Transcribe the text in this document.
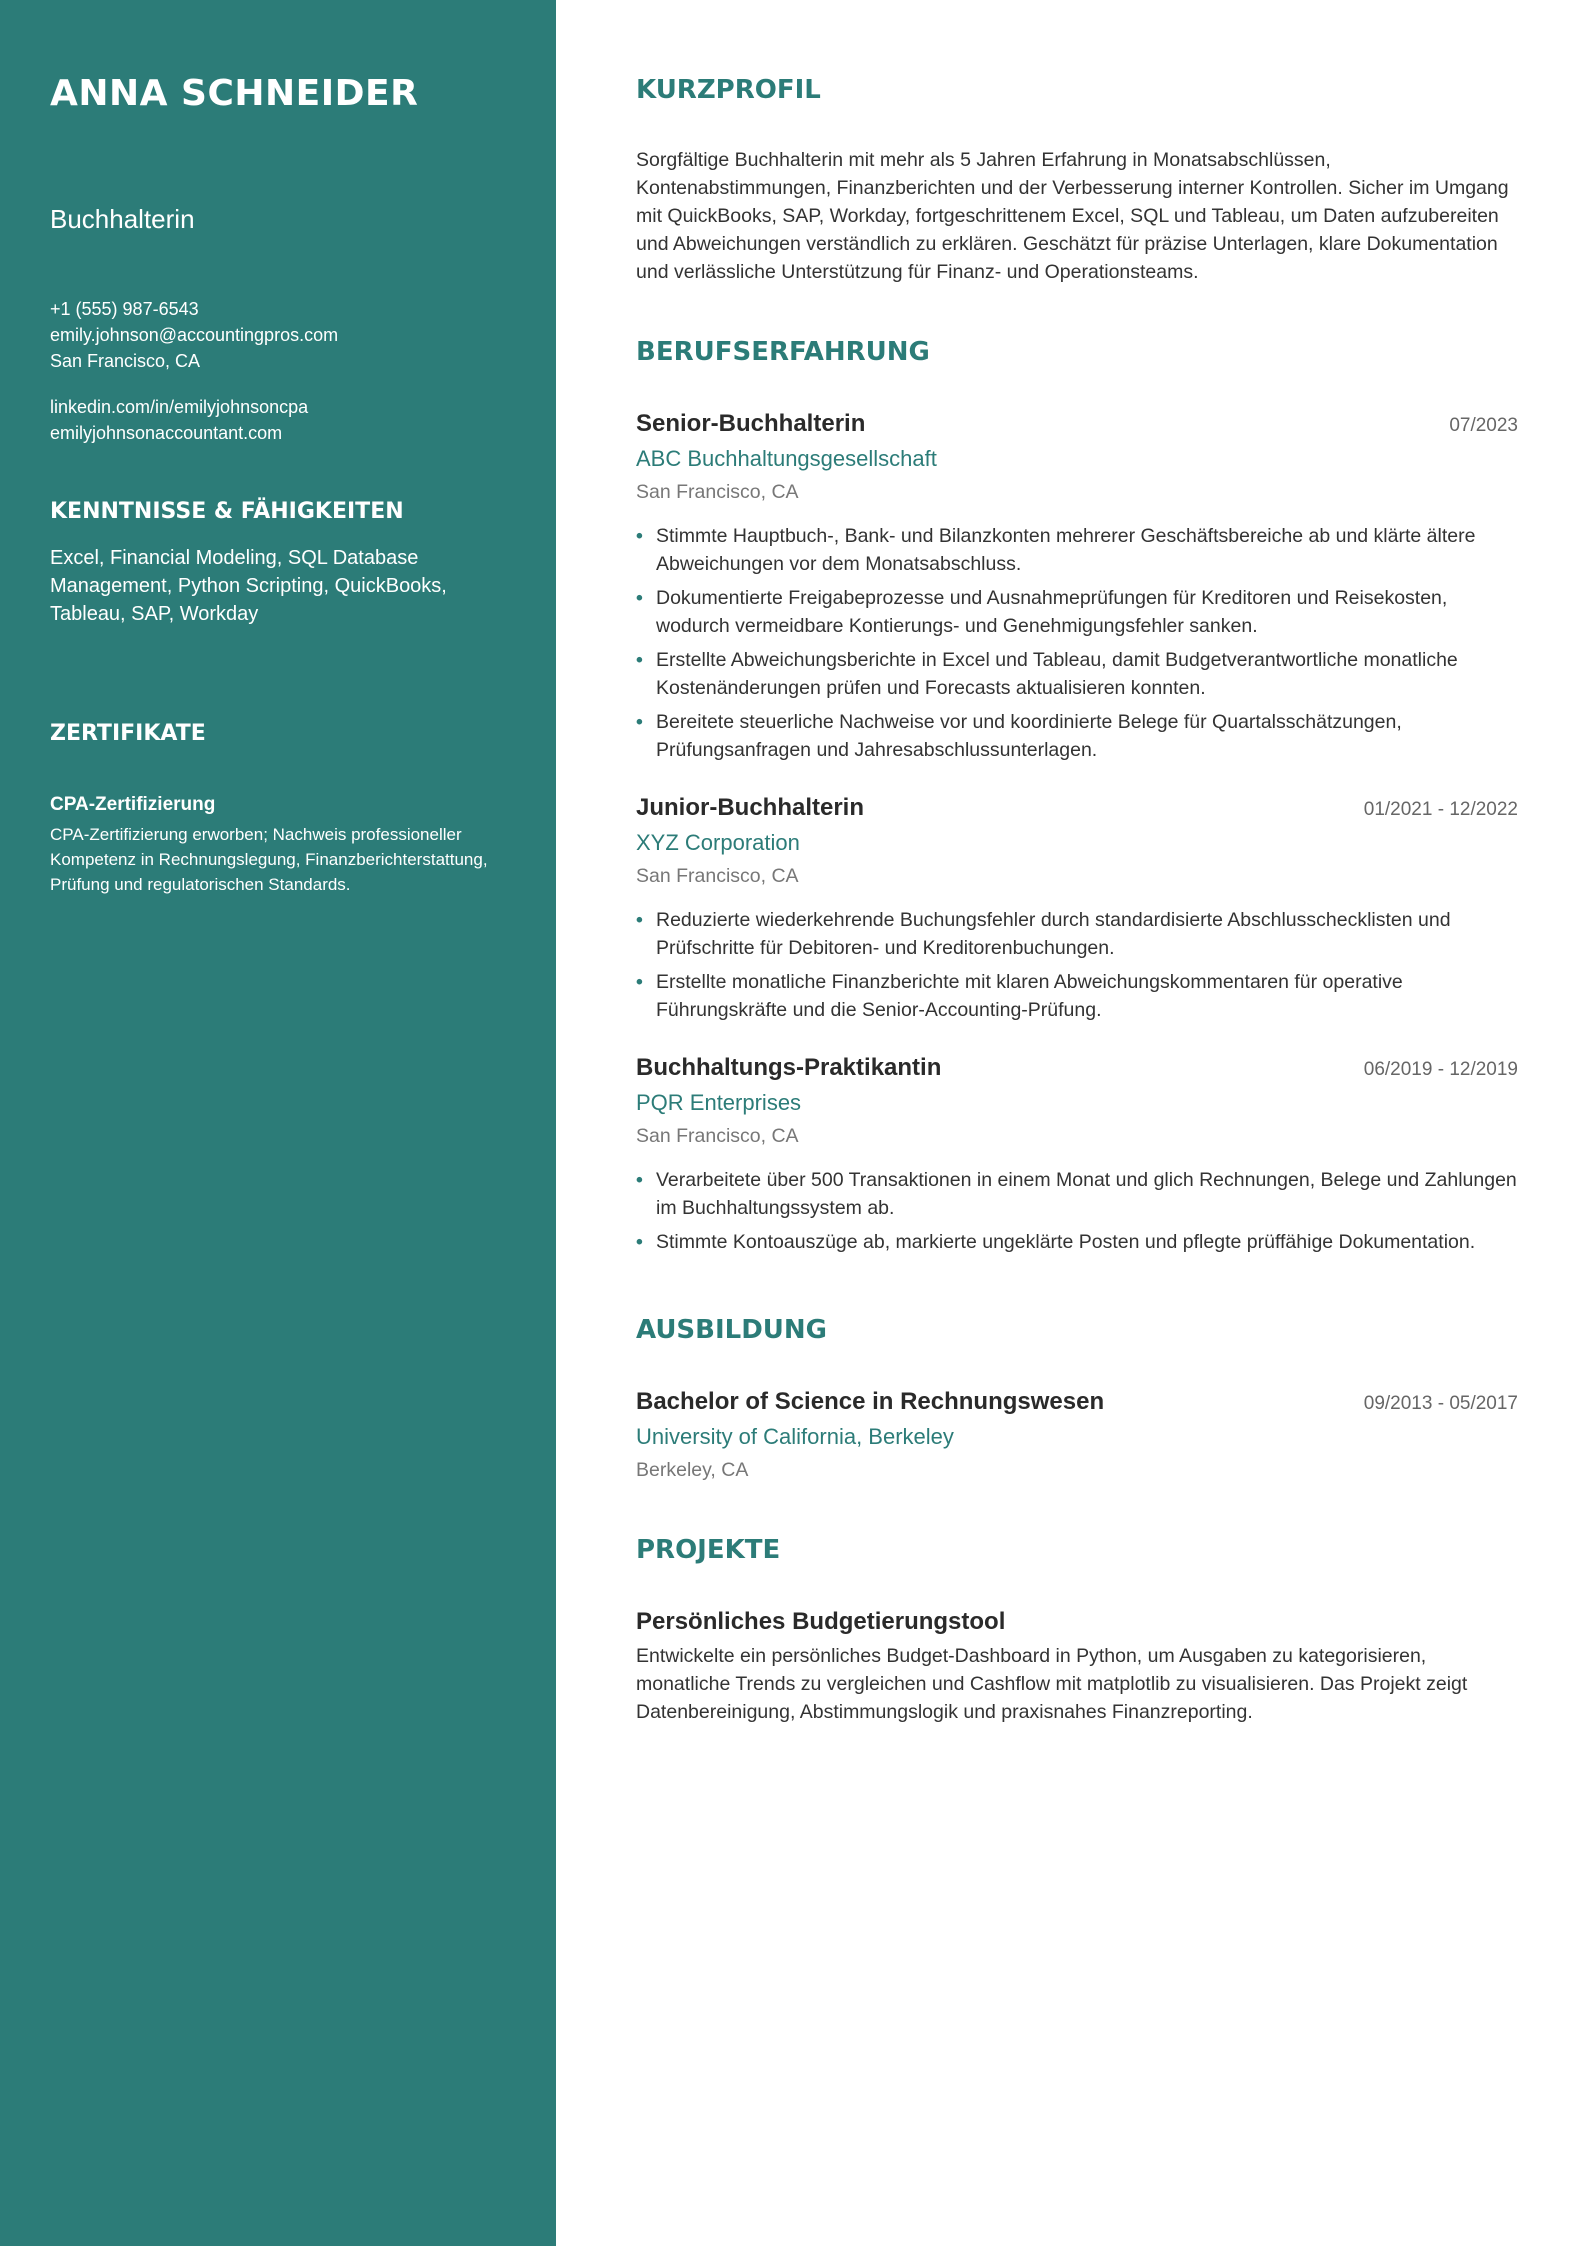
ANNA SCHNEIDER
Buchhalterin
+1 (555) 987-6543
emily.johnson@accountingpros.com
San Francisco, CA
linkedin.com/in/emilyjohnsoncpa
emilyjohnsonaccountant.com
KENNTNISSE & FÄHIGKEITEN
Excel, Financial Modeling, SQL Database Management, Python Scripting, QuickBooks, Tableau, SAP, Workday
ZERTIFIKATE
CPA-Zertifizierung
CPA-Zertifizierung erworben; Nachweis professioneller Kompetenz in Rechnungslegung, Finanzberichterstattung, Prüfung und regulatorischen Standards.
KURZPROFIL
Sorgfältige Buchhalterin mit mehr als 5 Jahren Erfahrung in Monatsabschlüssen, Kontenabstimmungen, Finanzberichten und der Verbesserung interner Kontrollen. Sicher im Umgang mit QuickBooks, SAP, Workday, fortgeschrittenem Excel, SQL und Tableau, um Daten aufzubereiten und Abweichungen verständlich zu erklären. Geschätzt für präzise Unterlagen, klare Dokumentation und verlässliche Unterstützung für Finanz- und Operationsteams.
BERUFSERFAHRUNG
Senior-Buchhalterin	07/2023
ABC Buchhaltungsgesellschaft
San Francisco, CA
• Stimmte Hauptbuch-, Bank- und Bilanzkonten mehrerer Geschäftsbereiche ab und klärte ältere Abweichungen vor dem Monatsabschluss.
• Dokumentierte Freigabeprozesse und Ausnahmeprüfungen für Kreditoren und Reisekosten, wodurch vermeidbare Kontierungs- und Genehmigungsfehler sanken.
• Erstellte Abweichungsberichte in Excel und Tableau, damit Budgetverantwortliche monatliche Kostenänderungen prüfen und Forecasts aktualisieren konnten.
• Bereitete steuerliche Nachweise vor und koordinierte Belege für Quartalsschätzungen, Prüfungsanfragen und Jahresabschlussunterlagen.
Junior-Buchhalterin	01/2021 - 12/2022
XYZ Corporation
San Francisco, CA
• Reduzierte wiederkehrende Buchungsfehler durch standardisierte Abschlusschecklisten und Prüfschritte für Debitoren- und Kreditorenbuchungen.
• Erstellte monatliche Finanzberichte mit klaren Abweichungskommentaren für operative Führungskräfte und die Senior-Accounting-Prüfung.
Buchhaltungs-Praktikantin	06/2019 - 12/2019
PQR Enterprises
San Francisco, CA
• Verarbeitete über 500 Transaktionen in einem Monat und glich Rechnungen, Belege und Zahlungen im Buchhaltungssystem ab.
• Stimmte Kontoauszüge ab, markierte ungeklärte Posten und pflegte prüffähige Dokumentation.
AUSBILDUNG
Bachelor of Science in Rechnungswesen	09/2013 - 05/2017
University of California, Berkeley
Berkeley, CA
PROJEKTE
Persönliches Budgetierungstool
Entwickelte ein persönliches Budget-Dashboard in Python, um Ausgaben zu kategorisieren, monatliche Trends zu vergleichen und Cashflow mit matplotlib zu visualisieren. Das Projekt zeigt Datenbereinigung, Abstimmungslogik und praxisnahes Finanzreporting.
